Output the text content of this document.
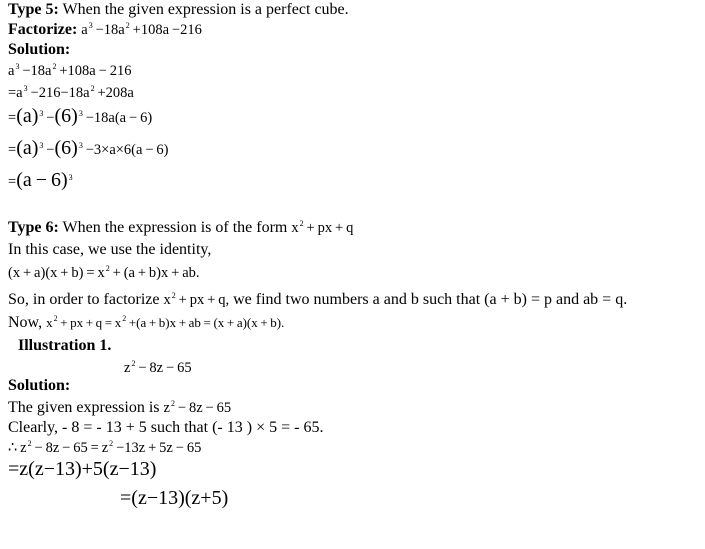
Type 5: When the given expression is a perfect cube.
Factorize: $a^3 -18a^2 +108a -216$
Solution:
$a^3 -18a^2 +108a - 216$
$=a^3 -216-18a^2 +208a$
$=(a)^3 -(6)^3 -18a(a - 6)$
$=(a)^3 -(6)^3 -3\times a\times 6(a - 6)$
$=(a - 6)^3$
Type 6: When the expression is of the form $x^2$  + px + q
In this case, we use the identity,
$(x + a)(x + b) = x^2 + (a + b)x$ + ab.
So, in order to factorize $x^2$  + px + q, we find two numbers a and b such that (a + b) = p and ab = q.
Now, $x^2$  + px + $q = x^2 +(a + b)x$ + ab = (x + a)(x + b).
Illustration 1.
$z^2 - 8z - 65$
Solution:
The given expression is $z^2 - 8z - 65$
Clearly, - 8 = - 13 + 5 such that (- 13 ) × 5 = - 65.
∴ $z^2 - 8z - 65 = z^2 -13z + 5z - 65$
=z(z−13)+5(z−13)
=(z−13)(z+5)
